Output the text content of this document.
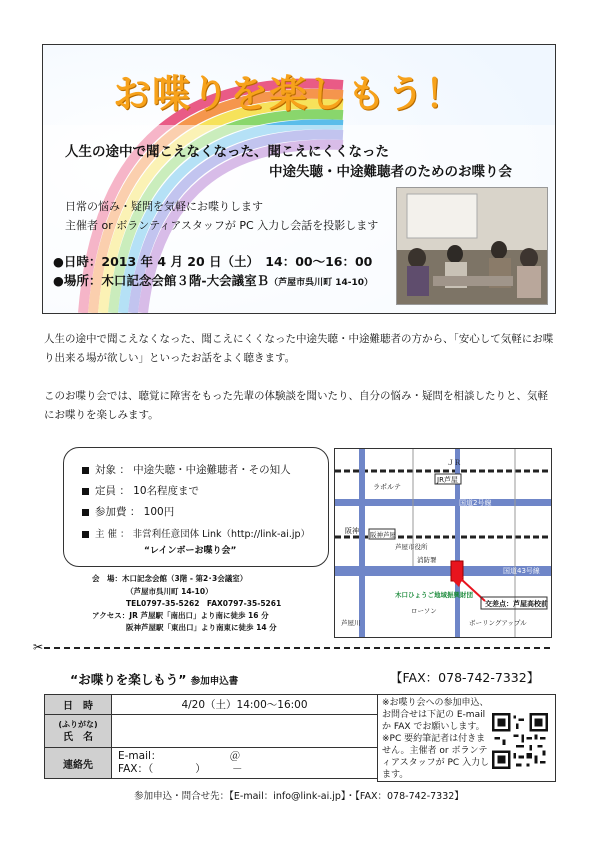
お喋りを楽しもう！
人生の途中で聞こえなくなった、聞こえにくくなった
中途失聴・中途難聴者のためのお喋り会
日常の悩み・疑問を気軽にお喋りします
主催者 or ボランティアスタッフが PC 入力し会話を投影します
●日時：2013 年 4 月 20 日（土）　14：00～16：00
●場所：木口記念会館３階-大会議室Ｂ（芦屋市呉川町 14-10）
人生の途中で聞こえなくなった、聞こえにくくなった中途失聴・中途難聴者の方から、「安心して気軽にお喋り出来る場が欲しい」といったお話をよく聴きます。
このお喋り会では、聴覚に障害をもった先輩の体験談を聞いたり、自分の悩み・疑問を相談したりと、気軽にお喋りを楽しみます。
対象 ： 中途失聴・中途難聴者・その知人
定員 ： 10名程度まで
参加費 ： 100円
主 催 ： 非営利任意団体 Link（http://link-ai.jp）
“レインボーお喋り会”
会　場：木口記念会館（3階 ‐ 第2･3会議室）
（芦屋市呉川町 14-10）
TEL0797-35-5262　FAX0797-35-5261
アクセス：JR 芦屋駅「南出口」より南に徒歩 16 分
阪神芦屋駅「東出口」より南東に徒歩 14 分
ＪＲ
JR芦屋
ラポルテ
国道2号線
阪神 阪神芦屋
芦屋市役所
消防署
国道43号線
木口ひょうご地域振興財団
交差点：芦屋高校前
芦屋川	ボーリングアップル
ローソン
✂
“お喋りを楽しもう” 参加申込書	【FAX：078-742-7332】
日　時	4/20（土）14:00～16:00
(ふりがな)
氏　名	
連絡先	E-mail：　　　　　　　＠
FAX：（　　　　）　　　－
※お喋り会への参加申込、お問合せは下記の E-mail か FAX でお願いします。※PC 要約筆記者は付きません。主催者 or ボランティアスタッフが PC 入力します。
参加申込・問合せ先：【E-mail：info@link-ai.jp】・【FAX：078-742-7332】
